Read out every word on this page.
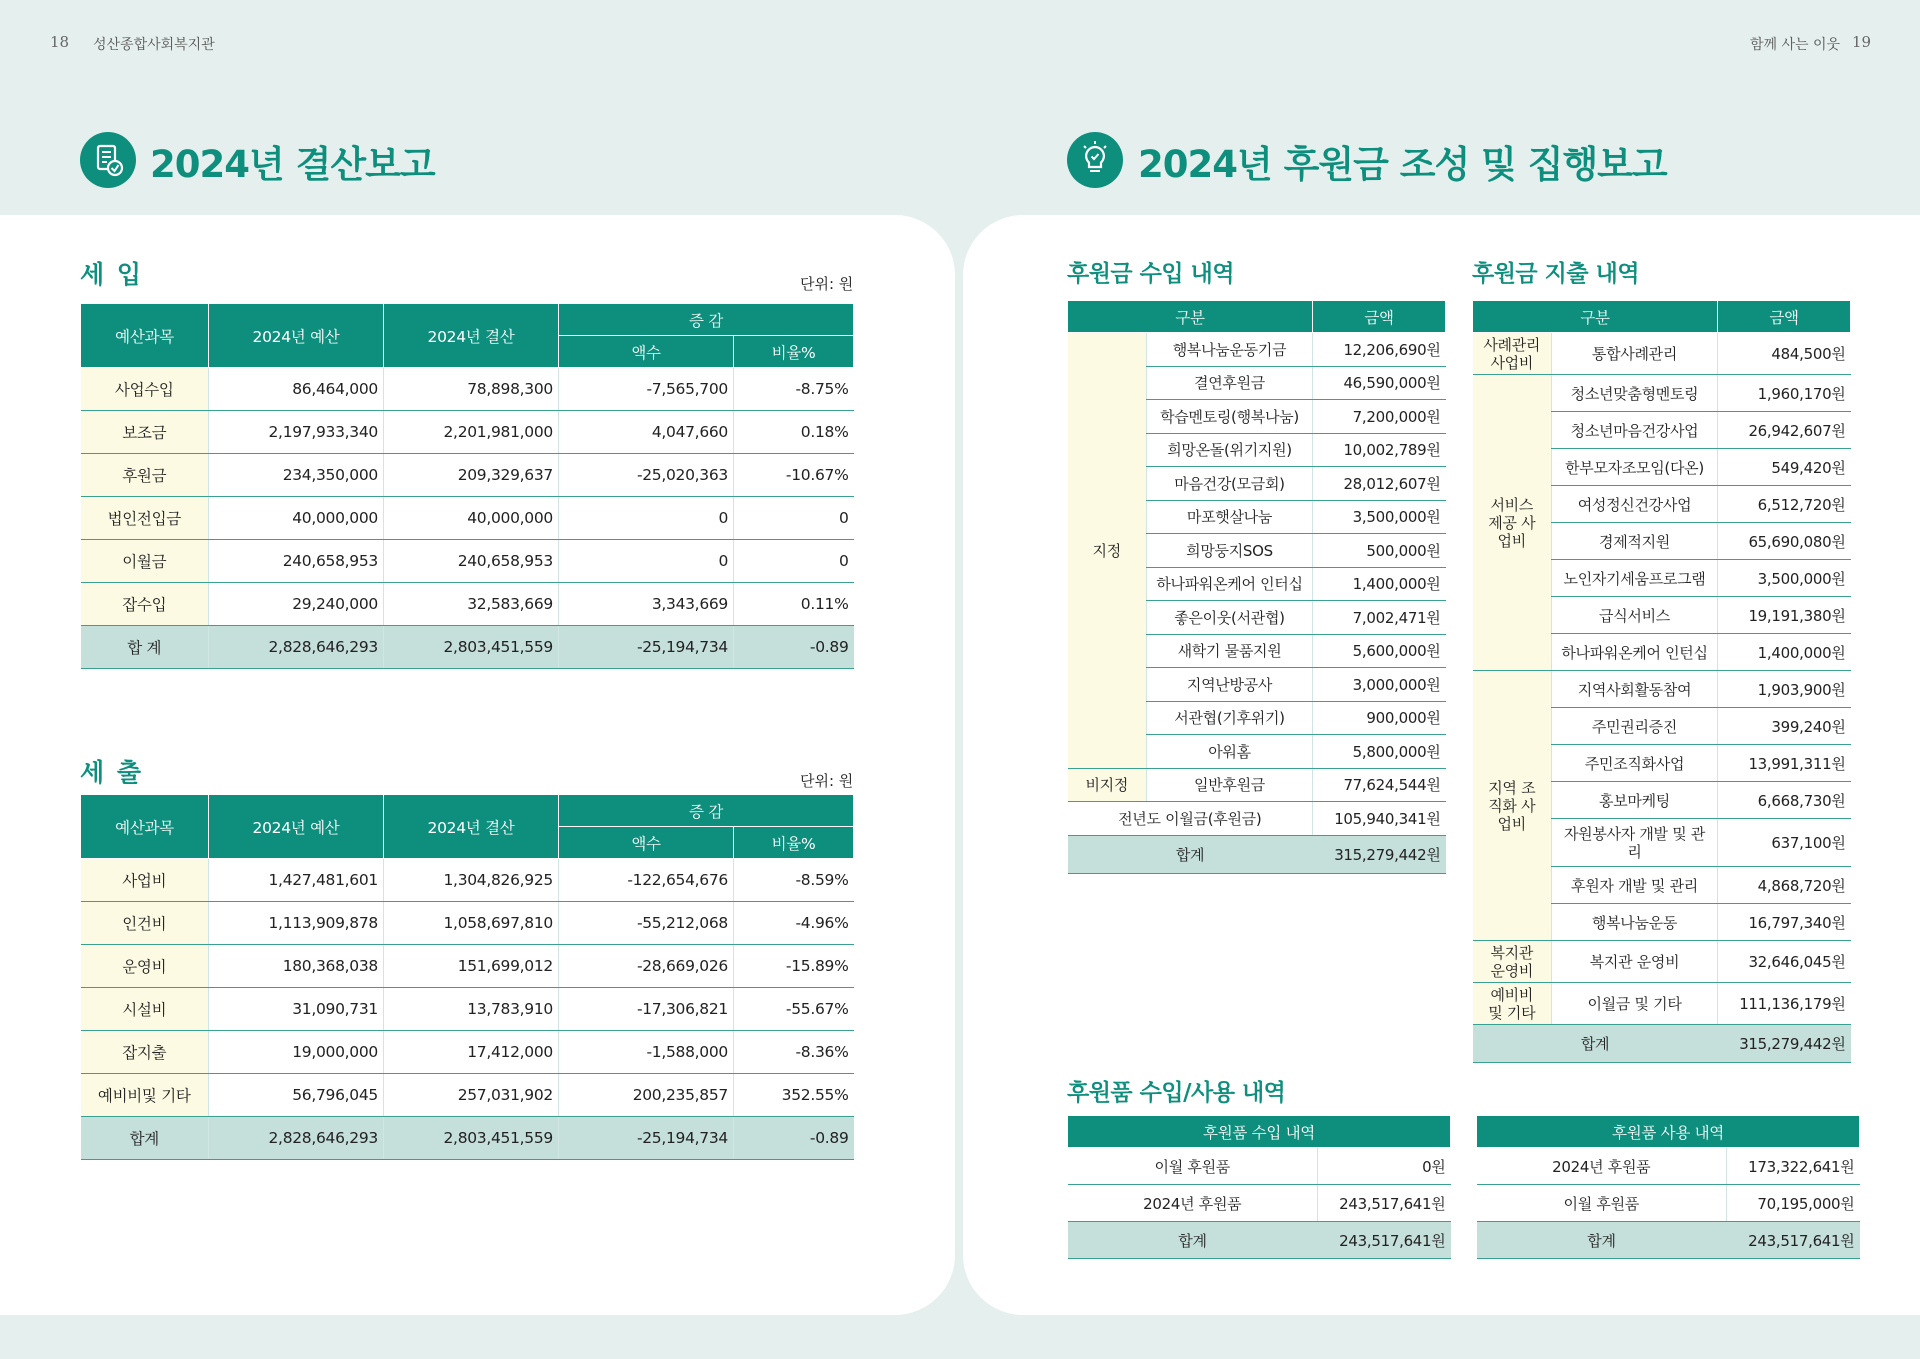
18 성산종합사회복지관	함께 사는 이웃 19
2024년 결산보고	2024년 후원금 조성 및 집행보고
세 입	단위: 원
예산과목	2024년 예산	2024년 결산	증 감	
			액수	비율%
사업수입	86,464,000	78,898,300	-7,565,700	-8.75%
보조금	2,197,933,340	2,201,981,000	4,047,660	0.18%
후원금	234,350,000	209,329,637	-25,020,363	-10.67%
법인전입금	40,000,000	40,000,000	0	0
이월금	240,658,953	240,658,953	0	0
잡수입	29,240,000	32,583,669	3,343,669	0.11%
합 계	2,828,646,293	2,803,451,559	-25,194,734	-0.89
세 출	단위: 원
예산과목	2024년 예산	2024년 결산	증 감	
			액수	비율%
사업비	1,427,481,601	1,304,826,925	-122,654,676	-8.59%
인건비	1,113,909,878	1,058,697,810	-55,212,068	-4.96%
운영비	180,368,038	151,699,012	-28,669,026	-15.89%
시설비	31,090,731	13,783,910	-17,306,821	-55.67%
잡지출	19,000,000	17,412,000	-1,588,000	-8.36%
예비비및 기타	56,796,045	257,031,902	200,235,857	352.55%
합계	2,828,646,293	2,803,451,559	-25,194,734	-0.89
후원금 수입 내역
구분		금액
지정	행복나눔운동기금	12,206,690원
	결연후원금	46,590,000원
	학습멘토링(행복나눔)	7,200,000원
	희망온돌(위기지원)	10,002,789원
	마음건강(모금회)	28,012,607원
	마포햇살나눔	3,500,000원
	희망둥지SOS	500,000원
	하나파워온케어 인터십	1,400,000원
	좋은이웃(서관협)	7,002,471원
	새학기 물품지원	5,600,000원
	지역난방공사	3,000,000원
	서관협(기후위기)	900,000원
	아워홈	5,800,000원
비지정	일반후원금	77,624,544원
전년도 이월금(후원금)		105,940,341원
합계		315,279,442원
후원금 지출 내역
구분		금액
사례관리 사업비	통합사례관리	484,500원
서비스 제공 사업비	청소년맞춤형멘토링	1,960,170원
	청소년마음건강사업	26,942,607원
	한부모자조모임(다온)	549,420원
	여성정신건강사업	6,512,720원
	경제적지원	65,690,080원
	노인자기세움프로그램	3,500,000원
	급식서비스	19,191,380원
	하나파워온케어 인턴십	1,400,000원
지역 조직화 사업비	지역사회활동참여	1,903,900원
	주민권리증진	399,240원
	주민조직화사업	13,991,311원
	홍보마케팅	6,668,730원
	자원봉사자 개발 및 관리	637,100원
	후원자 개발 및 관리	4,868,720원
	행복나눔운동	16,797,340원
복지관 운영비	복지관 운영비	32,646,045원
예비비 및 기타	이월금 및 기타	111,136,179원
합계		315,279,442원
후원품 수입/사용 내역
후원품 수입 내역	
이월 후원품	0원
2024년 후원품	243,517,641원
합계	243,517,641원
후원품 사용 내역	
2024년 후원품	173,322,641원
이월 후원품	70,195,000원
합계	243,517,641원
